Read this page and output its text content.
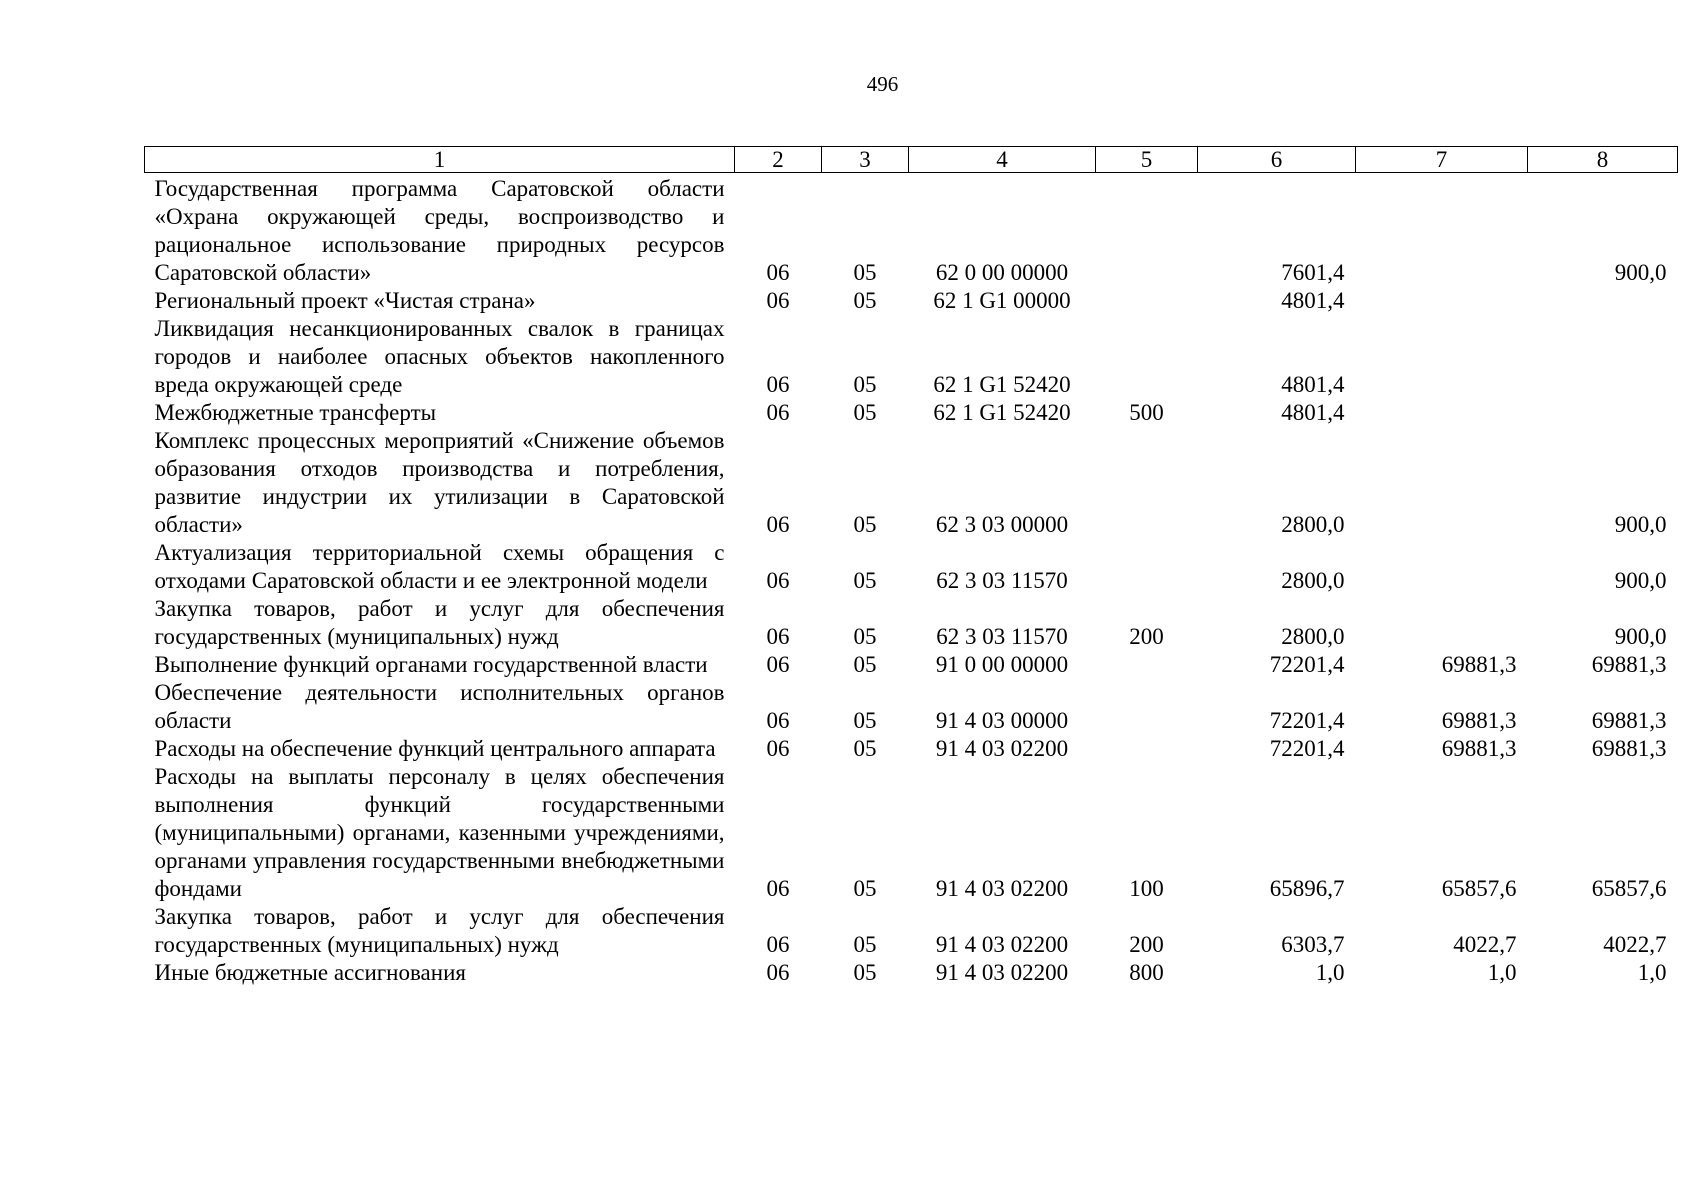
496
1	2	3	4	5	6	7	8
Государственная программа Саратовской области «Охрана окружающей среды, воспроизводство и рациональное использование природных ресурсов Саратовской области»	06	05	62 0 00 00000		7601,4		900,0
Региональный проект «Чистая страна»	06	05	62 1 G1 00000		4801,4		
Ликвидация несанкционированных свалок в границах городов и наиболее опасных объектов накопленного вреда окружающей среде	06	05	62 1 G1 52420		4801,4		
Межбюджетные трансферты	06	05	62 1 G1 52420	500	4801,4		
Комплекс процессных мероприятий «Снижение объемов образования отходов производства и потребления, развитие индустрии их утилизации в Саратовской области»	06	05	62 3 03 00000		2800,0		900,0
Актуализация территориальной схемы обращения с отходами Саратовской области и ее электронной модели	06	05	62 3 03 11570		2800,0		900,0
Закупка товаров, работ и услуг для обеспечения государственных (муниципальных) нужд	06	05	62 3 03 11570	200	2800,0		900,0
Выполнение функций органами государственной власти	06	05	91 0 00 00000		72201,4	69881,3	69881,3
Обеспечение деятельности исполнительных органов области	06	05	91 4 03 00000		72201,4	69881,3	69881,3
Расходы на обеспечение функций центрального аппарата	06	05	91 4 03 02200		72201,4	69881,3	69881,3
Расходы на выплаты персоналу в целях обеспечения выполнения функций государственными (муниципальными) органами, казенными учреждениями, органами управления государственными внебюджетными фондами	06	05	91 4 03 02200	100	65896,7	65857,6	65857,6
Закупка товаров, работ и услуг для обеспечения государственных (муниципальных) нужд	06	05	91 4 03 02200	200	6303,7	4022,7	4022,7
Иные бюджетные ассигнования	06	05	91 4 03 02200	800	1,0	1,0	1,0
